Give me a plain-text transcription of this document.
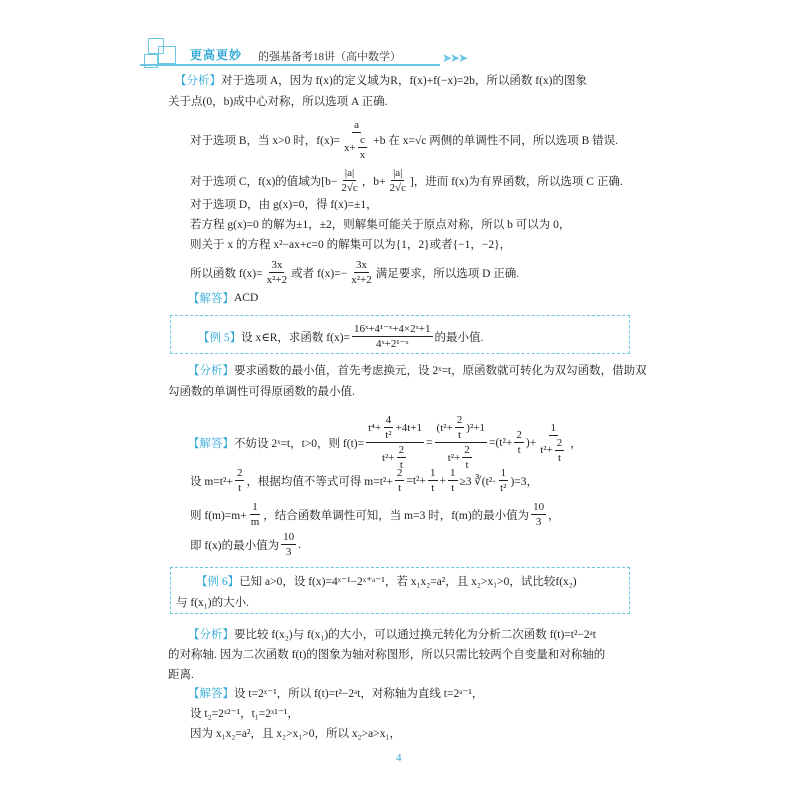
更高更妙 的强基备考18讲（高中数学）	➤➤➤
【分析】 对于选项 A，因为 f(x)的定义域为R，f(x)+f(−x)=2b，所以函数 f(x)的图象
关于点(0，b)成中心对称，所以选项 A 正确.
对于选项 B，当 x>0 时，$f(x)= \frac{a}{x+ \frac{c}{x}} +b$ 在 x=√c 两侧的单调性不同，所以选项 B 错误.
对于选项 C，f(x)的值域为[$b- \frac{|a|}{2√c}$ ，$b+ \frac{|a|}{2√c}$ ]，进而 f(x)为有界函数，所以选项 C 正确.
对于选项 D，由 g(x)=0，得 f(x)=±1，
若方程 g(x)=0 的解为±1，±2，则解集可能关于原点对称，所以 b 可以为 0，
则关于 x 的方程 x²−ax+c=0 的解集可以为{1，2}或者{−1，−2}，
所以函数 $f(x)= \frac{3x}{\text{x²+2}}$ 或者 $f(x)=- \frac{3x}{\text{x²+2}}$ 满足要求，所以选项 D 正确.
【解答】 ACD
【例 5】 设 x∈R，求函数 $f(x)= \frac{\text{16ˣ+4¹⁻ˣ+4×2ˣ+1}}{\text{4ˣ+2¹⁻ˣ}}$ 的最小值.
【分析】 要求函数的最小值，首先考虑换元，设 2ˣ=t，原函数就可转化为双勾函数，借助双
勾函数的单调性可得原函数的最小值.
【解答】 不妨设 2ˣ=t，t>0，则 $f(t)= \frac{t^4+ \frac{4}{\text{t²}} +4t+1}{t^2+ \frac{2}{t}} = \frac{(t^2+ \frac{2}{t} )^2+1}{t^2+ \frac{2}{t}} =(t^2+ \frac{2}{t}$ )+ $\frac{1}{t^2+ \frac{2}{t}}$ ，
设 $m=t^2+ \frac{2}{t}$ ，根据均值不等式可得 $m=t^2+ \frac{2}{t} =t^2+ \frac{1}{t} + \frac{1}{t} \ge 3$ ∛(t²· $\frac{1}{\text{t²}} )=3$，
则 $f(m)=m+ \frac{1}{m}$ ，结合函数单调性可知，当 m=3 时，f(m)的最小值为 $\frac{10}{3}$ ，
即 f(x)的最小值为 $\frac{10}{3}$ .
【例 6】 已知 a>0，设 f(x)=4ˣ⁻¹−2ˣ⁺ᵃ⁻¹，若 x₁x₂=a²，且 x₂>x₁>0，试比较f(x₂)
与 f(x₁)的大小.
【分析】 要比较 f(x₂)与 f(x₁)的大小，可以通过换元转化为分析二次函数 f(t)=t²−2ᵃt
的对称轴. 因为二次函数 f(t)的图象为轴对称图形，所以只需比较两个自变量和对称轴的
距离.
【解答】 设 t=2ˣ⁻¹，所以 f(t)=t²−2ᵃt，对称轴为直线 t=2ᵃ⁻¹，
设 t₂=2ˣ²⁻¹，t₁=2ˣ¹⁻¹，
因为 x₁x₂=a²，且 x₂>x₁>0，所以 x₂>a>x₁，
4
